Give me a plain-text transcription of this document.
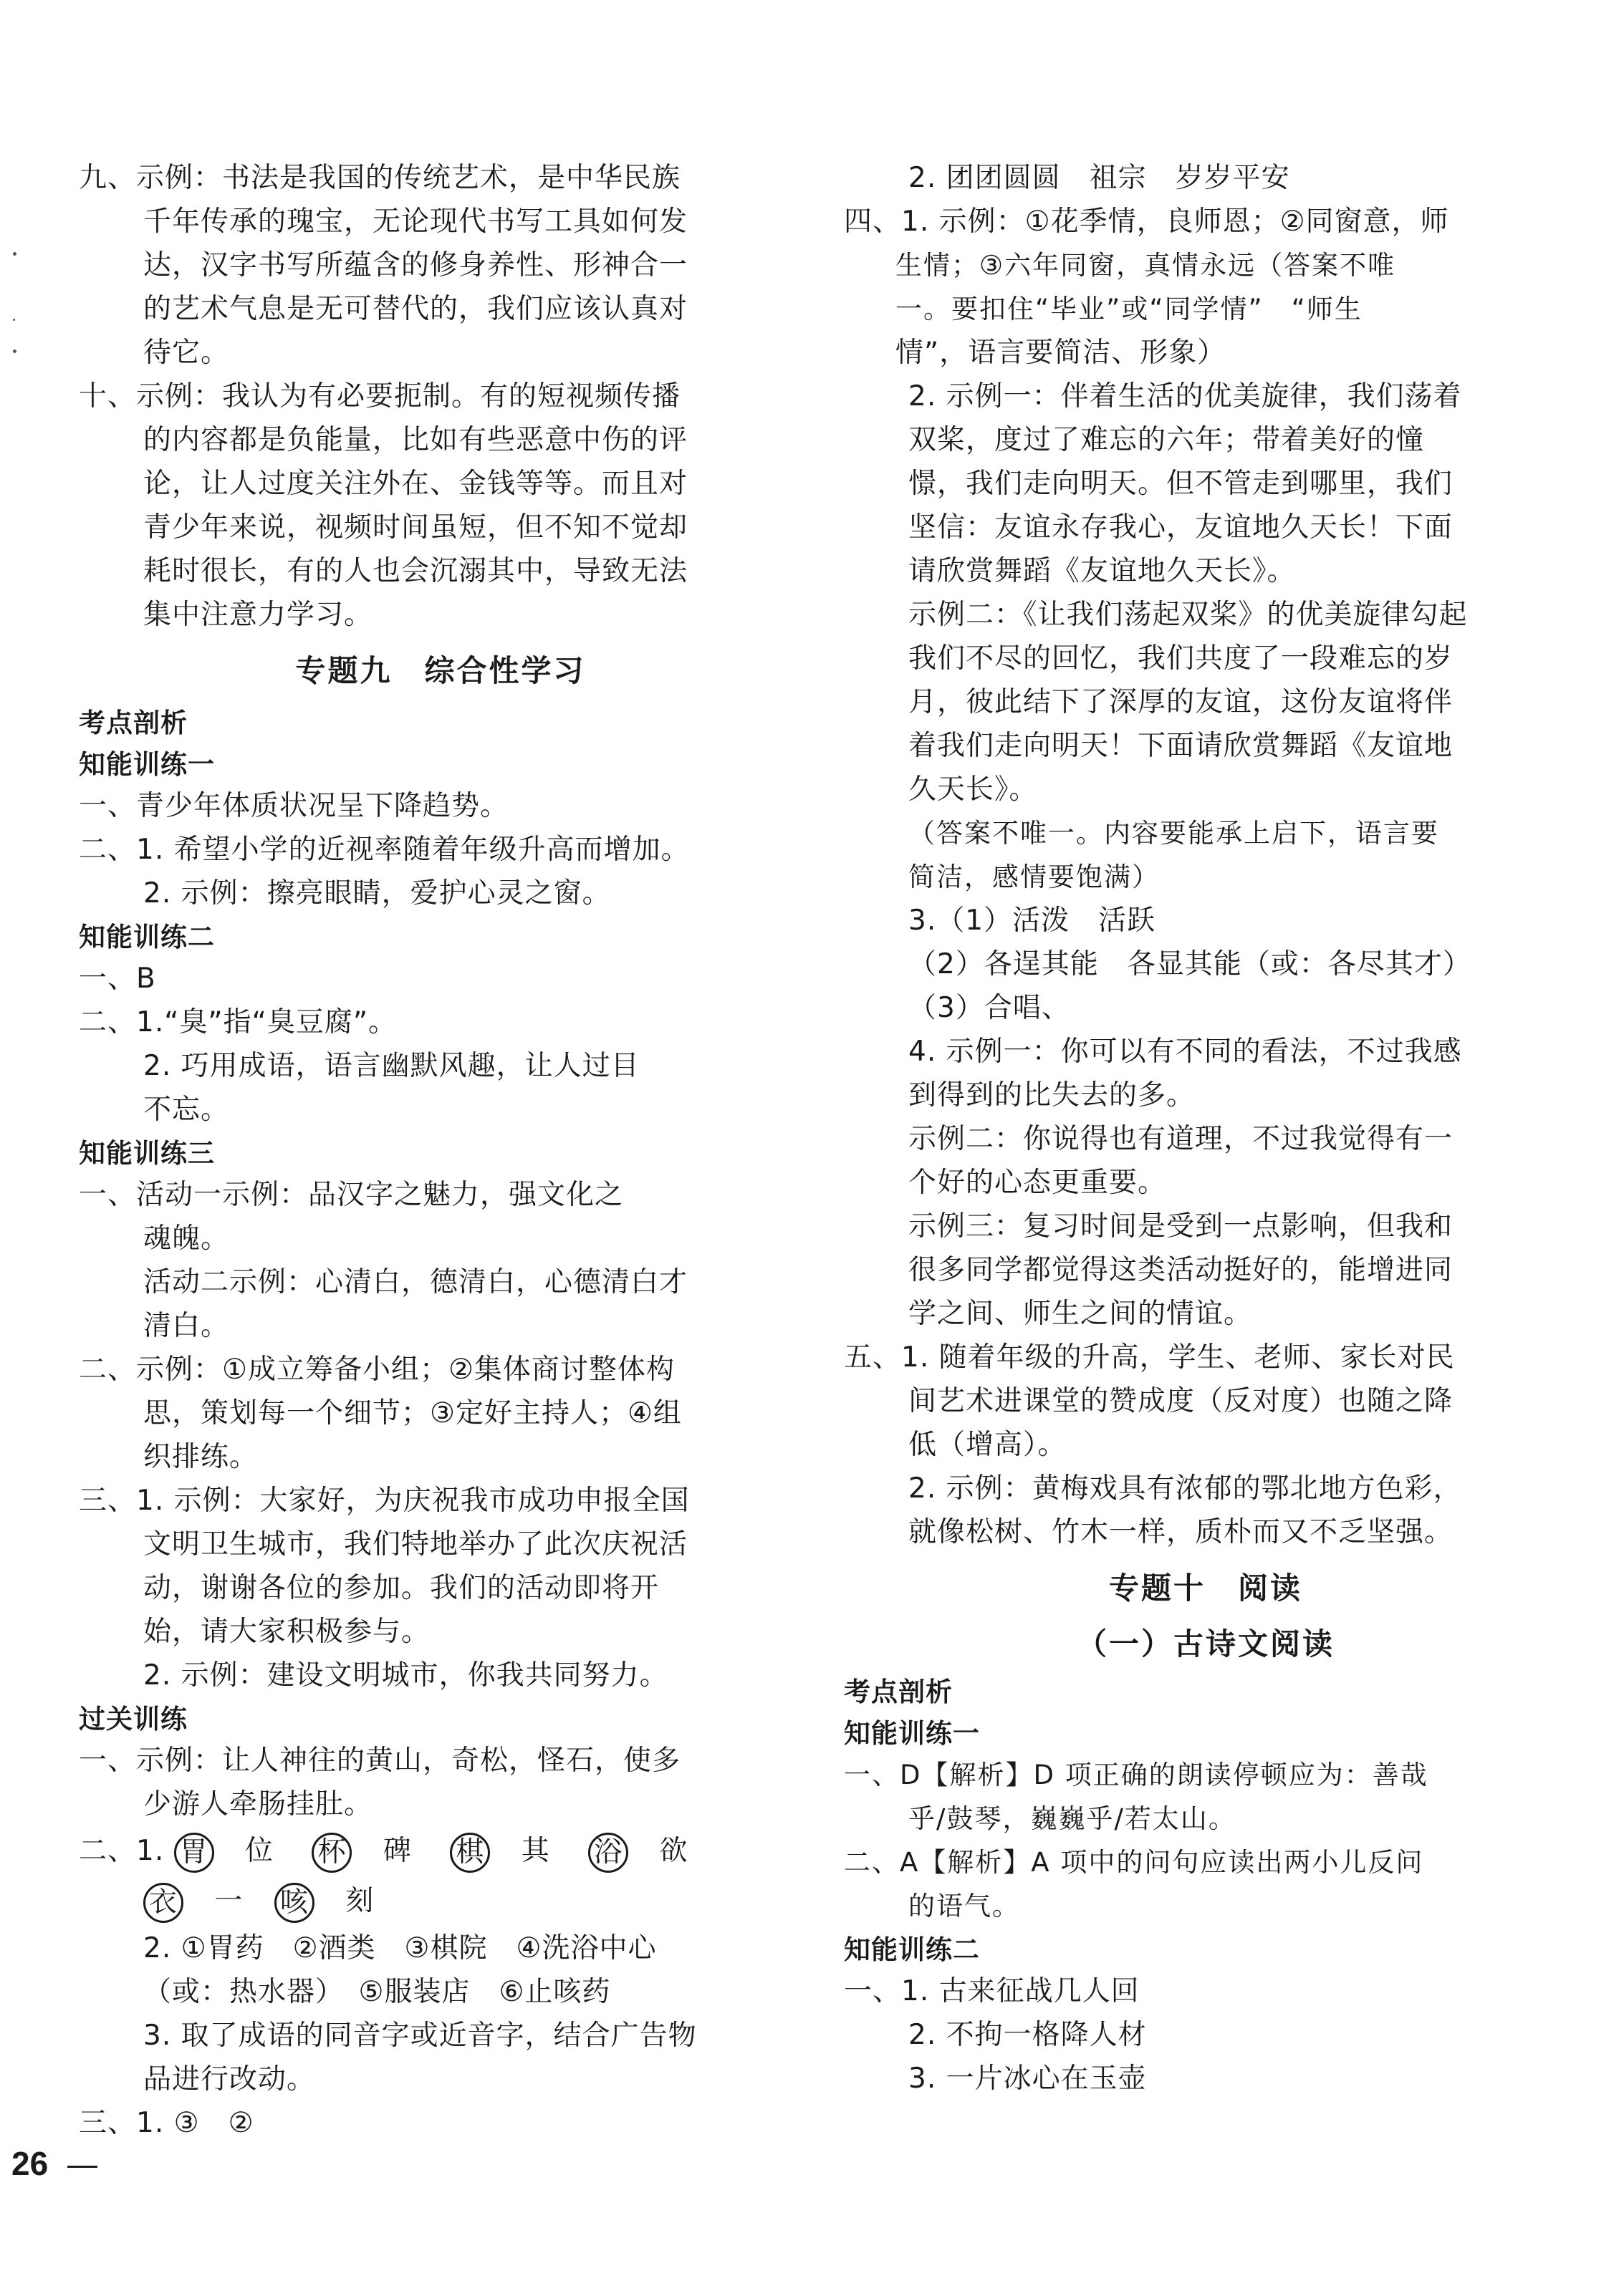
九、示例：书法是我国的传统艺术，是中华民族
千年传承的瑰宝，无论现代书写工具如何发
达，汉字书写所蕴含的修身养性、形神合一
的艺术气息是无可替代的，我们应该认真对
待它。
十、示例：我认为有必要扼制。有的短视频传播
的内容都是负能量，比如有些恶意中伤的评
论，让人过度关注外在、金钱等等。而且对
青少年来说，视频时间虽短，但不知不觉却
耗时很长，有的人也会沉溺其中，导致无法
集中注意力学习。
专题九　综合性学习
考点剖析
知能训练一
一、青少年体质状况呈下降趋势。
二、1. 希望小学的近视率随着年级升高而增加。
2. 示例：擦亮眼睛，爱护心灵之窗。
知能训练二
一、B
二、1.“臭”指“臭豆腐”。
2. 巧用成语，语言幽默风趣，让人过目
不忘。
知能训练三
一、活动一示例：品汉字之魅力，强文化之
魂魄。
活动二示例：心清白，德清白，心德清白才
清白。
二、示例：①成立筹备小组；②集体商讨整体构
思，策划每一个细节；③定好主持人；④组
织排练。
三、1. 示例：大家好，为庆祝我市成功申报全国
文明卫生城市，我们特地举办了此次庆祝活
动，谢谢各位的参加。我们的活动即将开
始，请大家积极参与。
2. 示例：建设文明城市，你我共同努力。
过关训练
一、示例：让人神往的黄山，奇松，怪石，使多
少游人牵肠挂肚。
二、1. 胃 位 杯 碑 棋 其 浴 欲
衣 一 咳 刻
2. ①胃药　②酒类　③棋院　④洗浴中心
（或：热水器）　⑤服装店　⑥止咳药
3. 取了成语的同音字或近音字，结合广告物
品进行改动。
三、1. ③　②
2. 团团圆圆　祖宗　岁岁平安
四、1. 示例：①花季情，良师恩；②同窗意，师
生情；③六年同窗，真情永远（答案不唯
一。要扣住“毕业”或“同学情”　“师生
情”，语言要简洁、形象）
2. 示例一：伴着生活的优美旋律，我们荡着
双桨，度过了难忘的六年；带着美好的憧
憬，我们走向明天。但不管走到哪里，我们
坚信：友谊永存我心，友谊地久天长！下面
请欣赏舞蹈《友谊地久天长》。
示例二：《让我们荡起双桨》的优美旋律勾起
我们不尽的回忆，我们共度了一段难忘的岁
月，彼此结下了深厚的友谊，这份友谊将伴
着我们走向明天！下面请欣赏舞蹈《友谊地
久天长》。
（答案不唯一。内容要能承上启下，语言要
简洁，感情要饱满）
3.（1）活泼　活跃
（2）各逞其能　各显其能（或：各尽其才）
（3）合唱、
4. 示例一：你可以有不同的看法，不过我感
到得到的比失去的多。
示例二：你说得也有道理，不过我觉得有一
个好的心态更重要。
示例三：复习时间是受到一点影响，但我和
很多同学都觉得这类活动挺好的，能增进同
学之间、师生之间的情谊。
五、1. 随着年级的升高，学生、老师、家长对民
间艺术进课堂的赞成度（反对度）也随之降
低（增高）。
2. 示例：黄梅戏具有浓郁的鄂北地方色彩，
就像松树、竹木一样，质朴而又不乏坚强。
专题十　阅读
（一）古诗文阅读
考点剖析
知能训练一
一、D【解析】D 项正确的朗读停顿应为：善哉
乎/鼓琴，巍巍乎/若太山。
二、A【解析】A 项中的问句应读出两小儿反问
的语气。
知能训练二
一、1. 古来征战几人回
2. 不拘一格降人材
3. 一片冰心在玉壶
26
